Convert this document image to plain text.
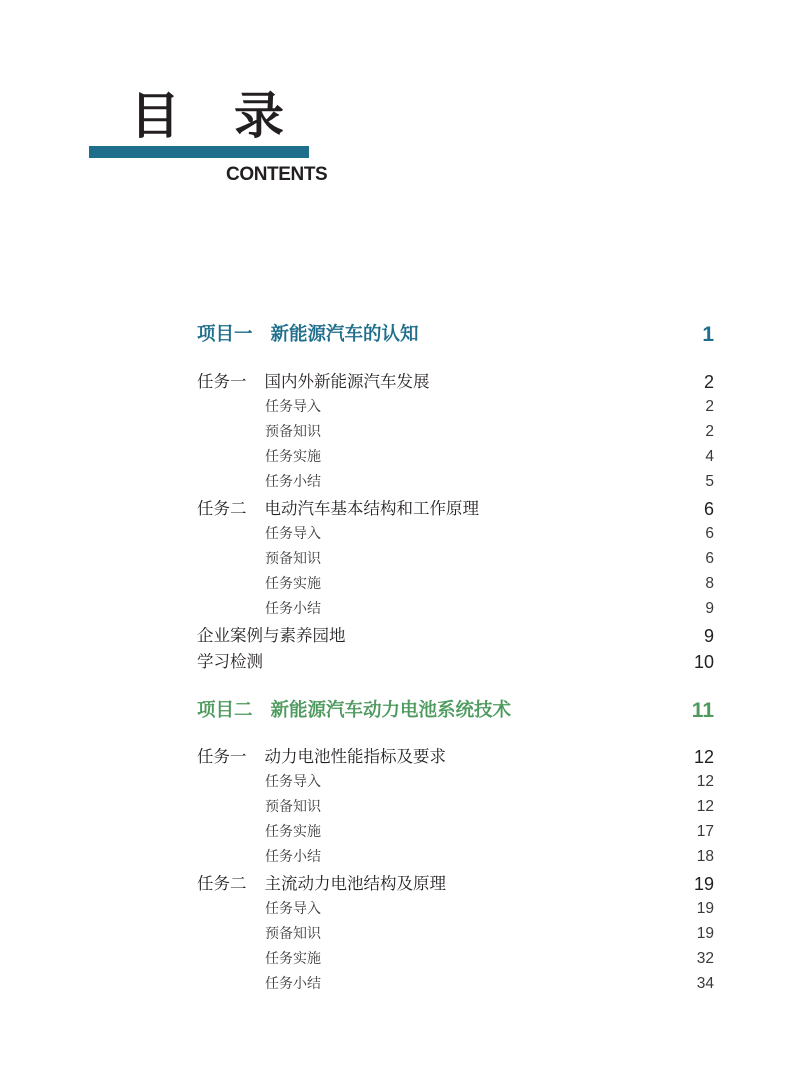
目录
CONTENTS
项目一 新能源汽车的认知	1
任务一 国内外新能源汽车发展	2
任务导入	2
预备知识	2
任务实施	4
任务小结	5
任务二 电动汽车基本结构和工作原理	6
任务导入	6
预备知识	6
任务实施	8
任务小结	9
企业案例与素养园地	9
学习检测	10
项目二 新能源汽车动力电池系统技术	11
任务一 动力电池性能指标及要求	12
任务导入	12
预备知识	12
任务实施	17
任务小结	18
任务二 主流动力电池结构及原理	19
任务导入	19
预备知识	19
任务实施	32
任务小结	34
